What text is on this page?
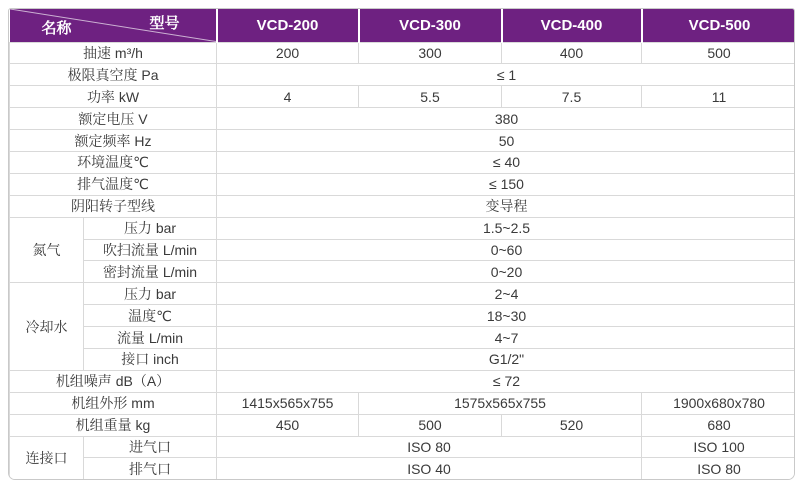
型号
名称		VCD-200	VCD-300	VCD-400	VCD-500
抽速 m³/h		200	300	400	500
极限真空度 Pa		≤ 1			
功率 kW		4	5.5	7.5	11
额定电压 V		380			
额定频率 Hz		50			
环境温度℃		≤ 40			
排气温度℃		≤ 150			
阴阳转子型线		变导程			
氮气	压力 bar	1.5~2.5			
	吹扫流量 L/min	0~60			
	密封流量 L/min	0~20			
冷却水	压力 bar	2~4			
	温度℃	18~30			
	流量 L/min	4~7			
	接口 inch	G1/2"			
机组噪声 dB（A）		≤ 72			
机组外形 mm		1415x565x755	1575x565x755		1900x680x780
机组重量 kg		450	500	520	680
连接口	进气口	ISO 80			ISO 100
	排气口	ISO 40			ISO 80
